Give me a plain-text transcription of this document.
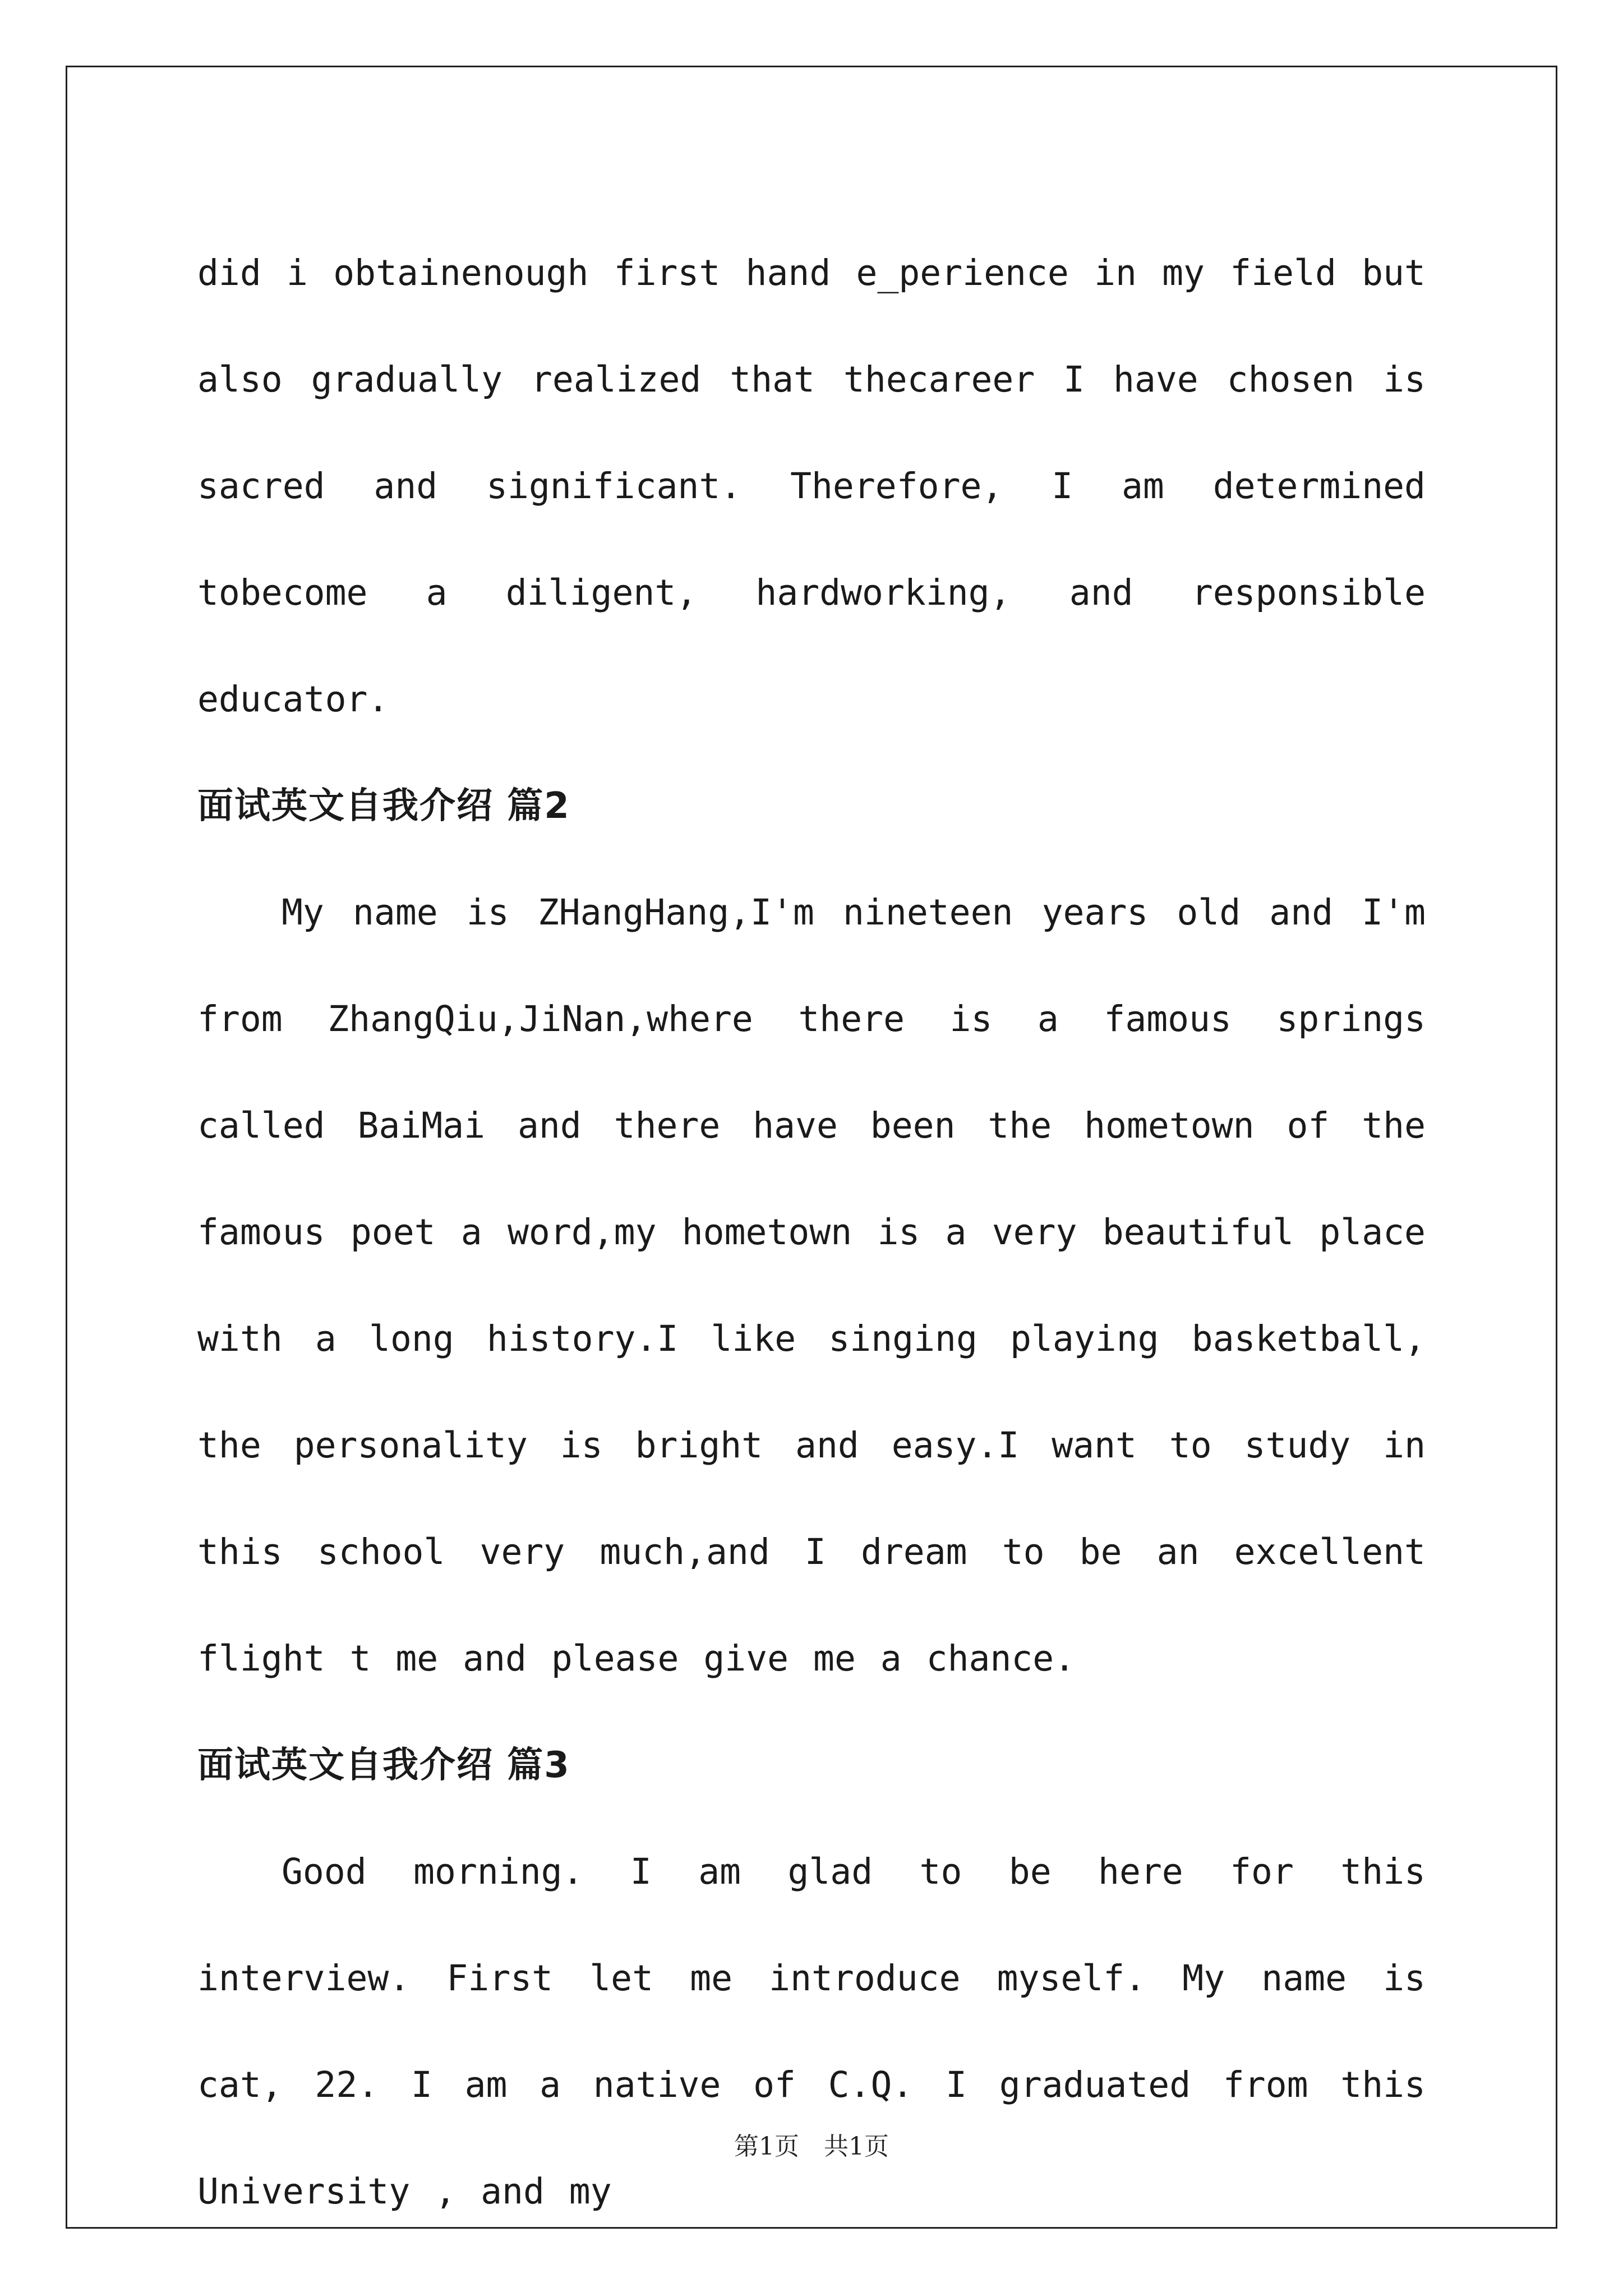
did i obtainenough first hand e_perience in my field but also gradually realized that thecareer I have chosen is sacred and significant. Therefore, I am determined tobecome a diligent, hardworking, and responsible educator.

面试英文自我介绍 篇2

My name is ZHangHang,I'm nineteen years old and I'm from ZhangQiu,JiNan,where there is a famous springs called BaiMai and there have been the hometown of the famous poet a word,my hometown is a very beautiful place with a long history.I like singing playing basketball, the personality is bright and easy.I want to study in this school very much,and I dream to be an excellent flight t me and please give me a chance.

面试英文自我介绍 篇3

Good morning. I am glad to be here for this interview. First let me introduce myself. My name is cat, 22. I am a native of C.Q. I graduated from this University , and my

第1页 共1页
